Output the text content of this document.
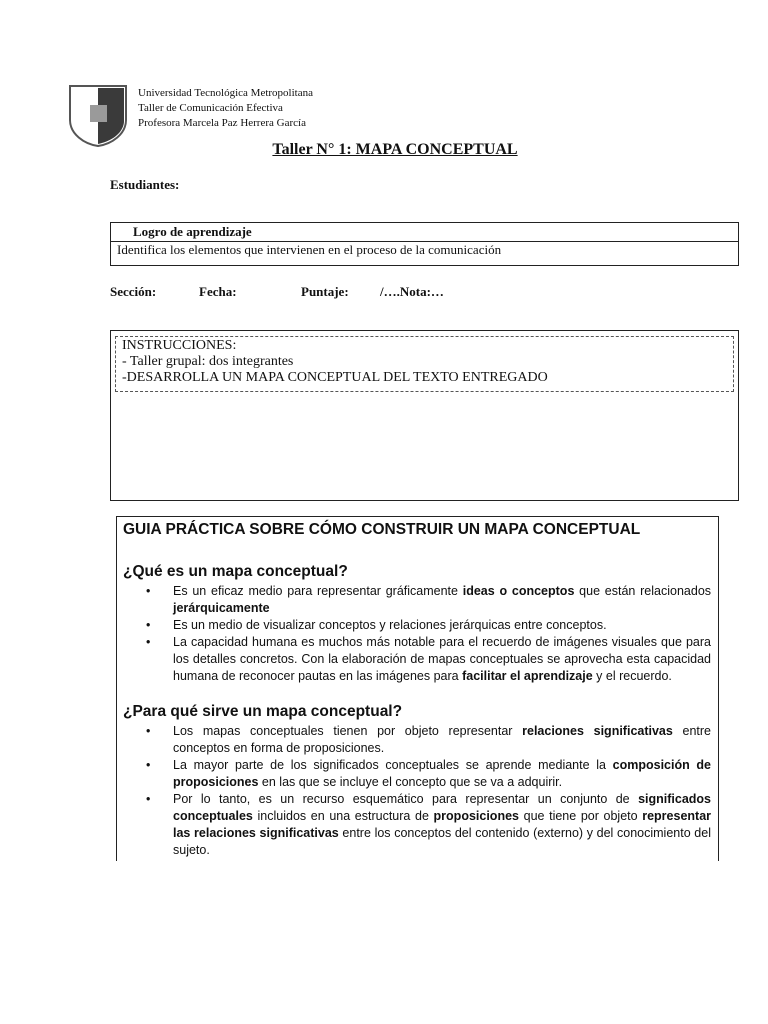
Universidad Tecnológica Metropolitana
Taller de Comunicación Efectiva
Profesora Marcela Paz Herrera García
Taller N° 1: MAPA CONCEPTUAL
Estudiantes:
Logro de aprendizaje
Identifica los elementos que intervienen en el proceso de la comunicación
Sección:	Fecha:	Puntaje: /….Nota:…
INSTRUCCIONES:
- Taller grupal: dos integrantes
-DESARROLLA UN MAPA CONCEPTUAL DEL TEXTO ENTREGADO
GUIA PRÁCTICA SOBRE CÓMO CONSTRUIR UN MAPA CONCEPTUAL
¿Qué es un mapa conceptual?
• Es un eficaz medio para representar gráficamente ideas o conceptos que están relacionados jerárquicamente
• Es un medio de visualizar conceptos y relaciones jerárquicas entre conceptos.
• La capacidad humana es muchos más notable para el recuerdo de imágenes visuales que para los detalles concretos. Con la elaboración de mapas conceptuales se aprovecha esta capacidad humana de reconocer pautas en las imágenes para facilitar el aprendizaje y el recuerdo.
¿Para qué sirve un mapa conceptual?
• Los mapas conceptuales tienen por objeto representar relaciones significativas entre conceptos en forma de proposiciones.
• La mayor parte de los significados conceptuales se aprende mediante la composición de proposiciones en las que se incluye el concepto que se va a adquirir.
• Por lo tanto, es un recurso esquemático para representar un conjunto de significados conceptuales incluidos en una estructura de proposiciones que tiene por objeto representar las relaciones significativas entre los conceptos del contenido (externo) y del conocimiento del sujeto.
